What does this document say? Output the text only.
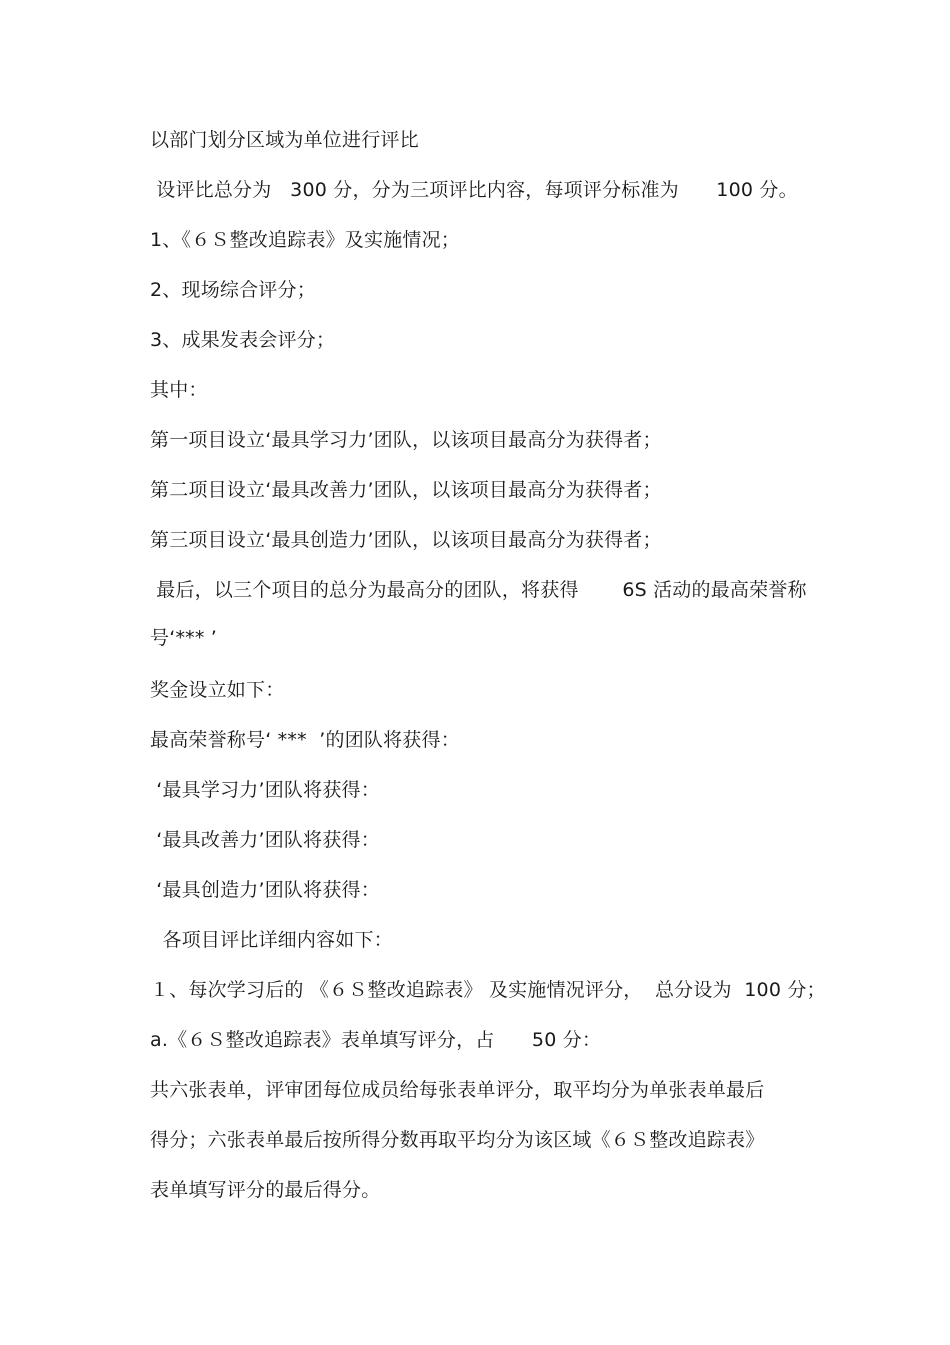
以部门划分区域为单位进行评比
设评比总分为   300 分，分为三项评比内容，每项评分标准为      100 分。
1、《６Ｓ整改追踪表》及实施情况；
2、现场综合评分；
3、成果发表会评分；
其中：
第一项目设立‘最具学习力’团队，以该项目最高分为获得者；
第二项目设立‘最具改善力’团队，以该项目最高分为获得者；
第三项目设立‘最具创造力’团队，以该项目最高分为获得者；
最后，以三个项目的总分为最高分的团队，将获得       6S 活动的最高荣誉称
号‘*** ’
奖金设立如下：
最高荣誉称号‘ ***  ’的团队将获得：
‘最具学习力’团队将获得：
‘最具改善力’团队将获得：
‘最具创造力’团队将获得：
各项目评比详细内容如下：
１、每次学习后的 《６Ｓ整改追踪表》 及实施情况评分，  总分设为  100 分；
a.《６Ｓ整改追踪表》表单填写评分，占      50 分：
共六张表单，评审团每位成员给每张表单评分，取平均分为单张表单最后
得分；六张表单最后按所得分数再取平均分为该区域《６Ｓ整改追踪表》
表单填写评分的最后得分。
